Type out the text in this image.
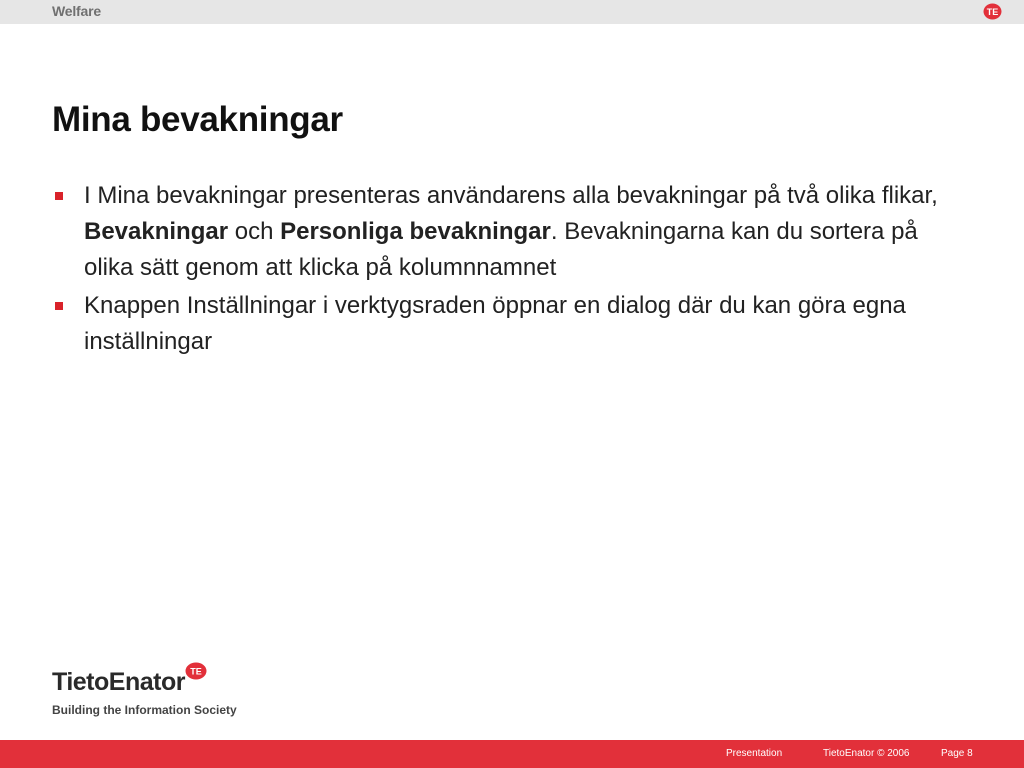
Welfare	TE
Mina bevakningar
I Mina bevakningar presenteras användarens alla bevakningar på två olika flikar, Bevakningar och Personliga bevakningar. Bevakningarna kan du sortera på olika sätt genom att klicka på kolumnnamnet
Knappen Inställningar i verktygsraden öppnar en dialog där du kan göra egna inställningar
TietoEnator TE
Building the Information Society
Presentation	TietoEnator © 2006	Page 8
